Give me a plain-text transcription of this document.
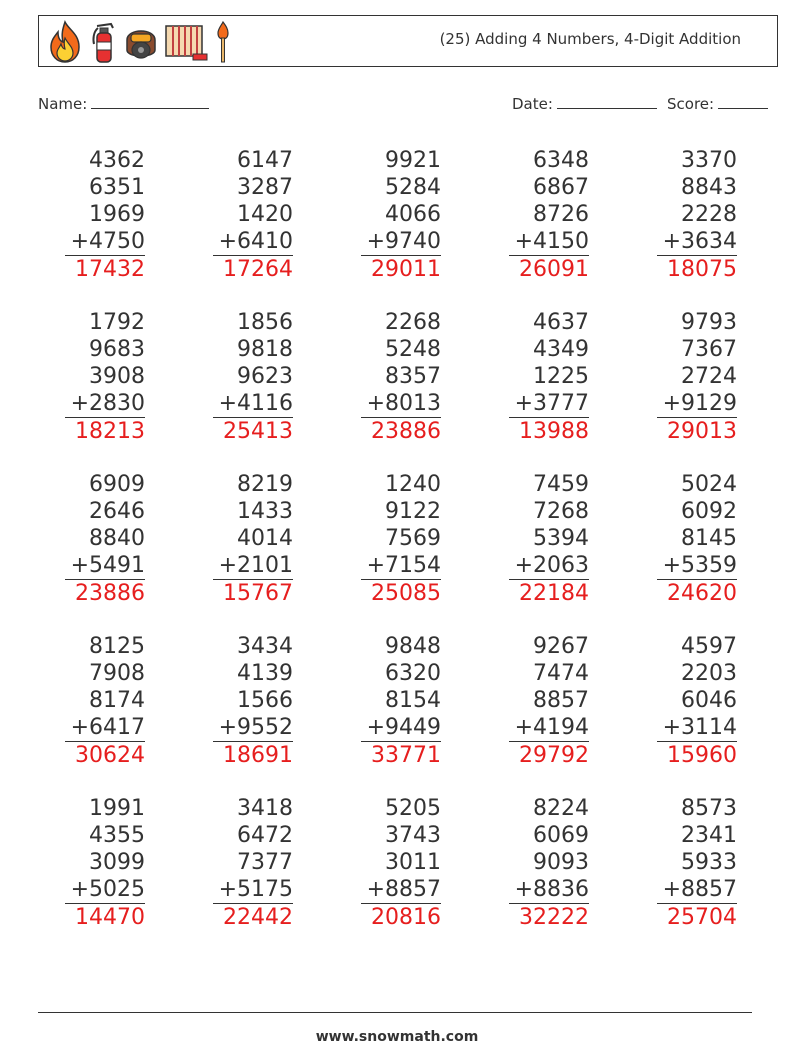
(25) Adding 4 Numbers, 4-Digit Addition
Name:	Date:	Score:
4362
6351
1969
+4750
17432
6147
3287
1420
+6410
17264
9921
5284
4066
+9740
29011
6348
6867
8726
+4150
26091
3370
8843
2228
+3634
18075
1792
9683
3908
+2830
18213
1856
9818
9623
+4116
25413
2268
5248
8357
+8013
23886
4637
4349
1225
+3777
13988
9793
7367
2724
+9129
29013
6909
2646
8840
+5491
23886
8219
1433
4014
+2101
15767
1240
9122
7569
+7154
25085
7459
7268
5394
+2063
22184
5024
6092
8145
+5359
24620
8125
7908
8174
+6417
30624
3434
4139
1566
+9552
18691
9848
6320
8154
+9449
33771
9267
7474
8857
+4194
29792
4597
2203
6046
+3114
15960
1991
4355
3099
+5025
14470
3418
6472
7377
+5175
22442
5205
3743
3011
+8857
20816
8224
6069
9093
+8836
32222
8573
2341
5933
+8857
25704
www.snowmath.com
